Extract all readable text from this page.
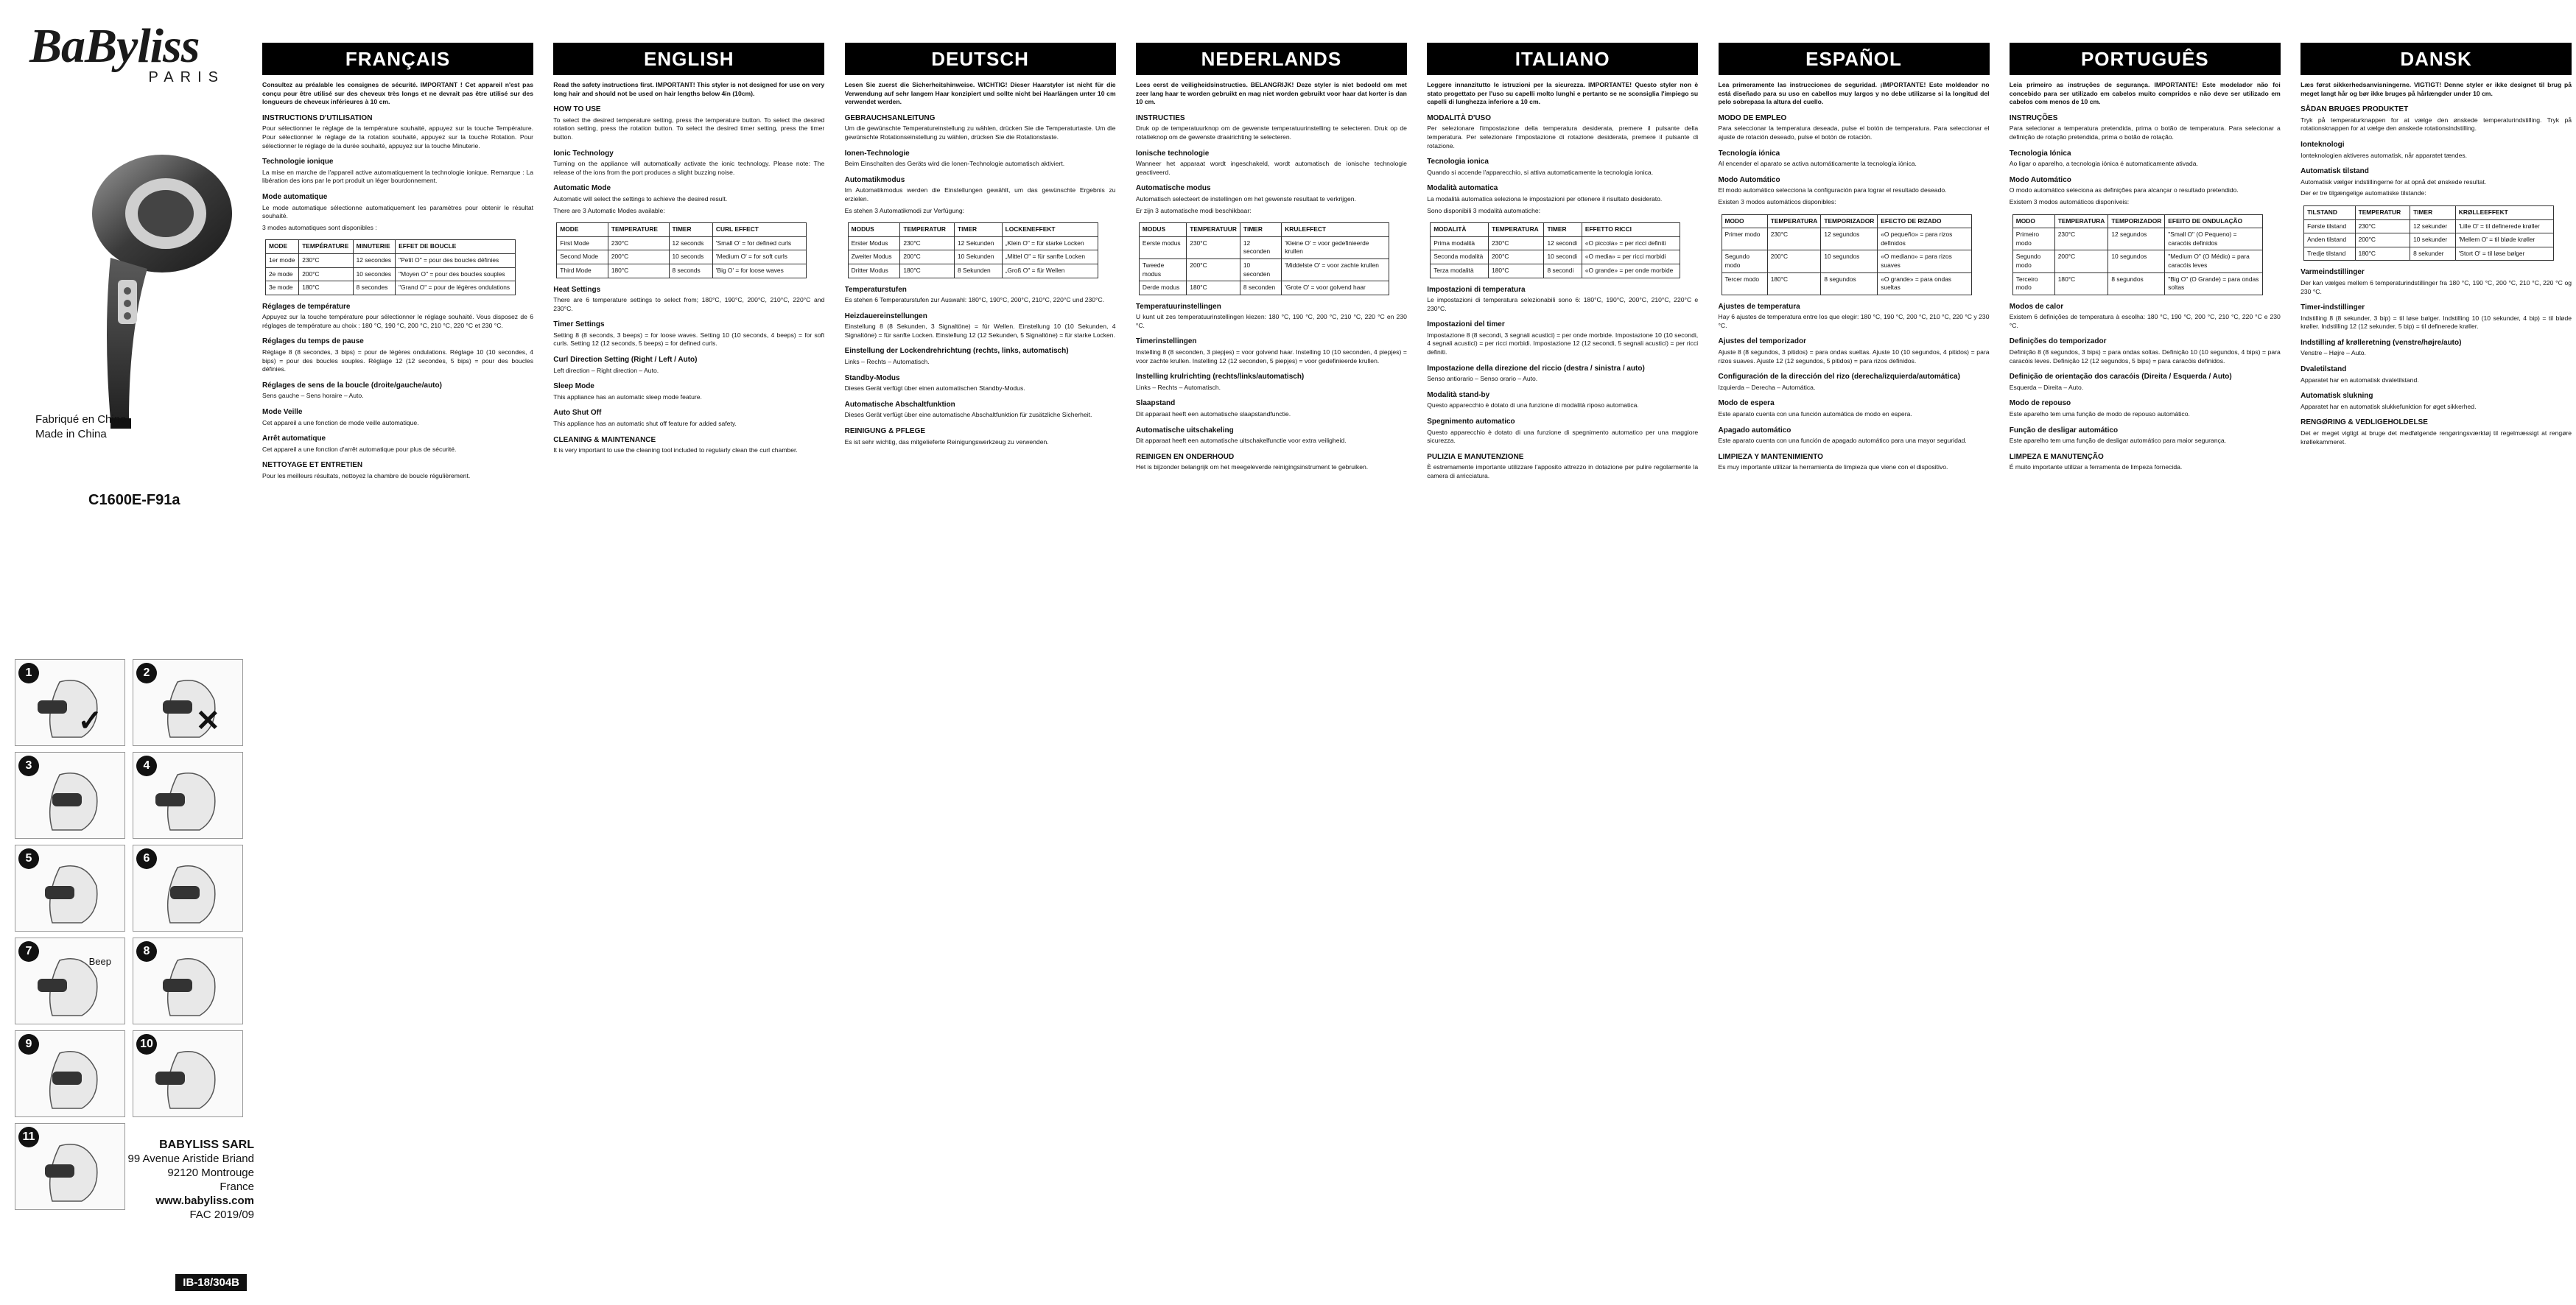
BaByliss
PARIS
Fabriqué en Chine
Made in China
C1600E-F91a
1
✓
2
✕
3	4
5	6
7
Beep
8
9	10
11
BABYLISS SARL
99 Avenue Aristide Briand
92120 Montrouge
France
www.babyliss.com
FAC 2019/09
IB-18/304B
FRANÇAIS
Consultez au préalable les consignes de sécurité. IMPORTANT ! Cet appareil n'est pas conçu pour être utilisé sur des cheveux très longs et ne devrait pas être utilisé sur des longueurs de cheveux inférieures à 10 cm.
INSTRUCTIONS D'UTILISATION
Pour sélectionner le réglage de la température souhaité, appuyez sur la touche Température. Pour sélectionner le réglage de la rotation souhaité, appuyez sur la touche Rotation. Pour sélectionner le réglage de la durée souhaité, appuyez sur la touche Minuterie.
Technologie ionique
La mise en marche de l'appareil active automatiquement la technologie ionique. Remarque : La libération des ions par le port produit un léger bourdonnement.
Mode automatique
Le mode automatique sélectionne automatiquement les paramètres pour obtenir le résultat souhaité.
3 modes automatiques sont disponibles :
MODE	TEMPÉRATURE	MINUTERIE	EFFET DE BOUCLE
1er mode	230°C	12 secondes	"Petit O" = pour des boucles définies
2e mode	200°C	10 secondes	"Moyen O" = pour des boucles souples
3e mode	180°C	8 secondes	"Grand O" = pour de légères ondulations
Réglages de température
Appuyez sur la touche température pour sélectionner le réglage souhaité. Vous disposez de 6 réglages de température au choix : 180 °C, 190 °C, 200 °C, 210 °C, 220 °C et 230 °C.
Réglages du temps de pause
Réglage 8 (8 secondes, 3 bips) = pour de légères ondulations. Réglage 10 (10 secondes, 4 bips) = pour des boucles souples. Réglage 12 (12 secondes, 5 bips) = pour des boucles définies.
Réglages de sens de la boucle (droite/gauche/auto)
Sens gauche – Sens horaire – Auto.
Mode Veille
Cet appareil a une fonction de mode veille automatique.
Arrêt automatique
Cet appareil a une fonction d'arrêt automatique pour plus de sécurité.
NETTOYAGE ET ENTRETIEN
Pour les meilleurs résultats, nettoyez la chambre de boucle régulièrement.
ENGLISH
Read the safety instructions first. IMPORTANT! This styler is not designed for use on very long hair and should not be used on hair lengths below 4in (10cm).
HOW TO USE
To select the desired temperature setting, press the temperature button. To select the desired rotation setting, press the rotation button. To select the desired timer setting, press the timer button.
Ionic Technology
Turning on the appliance will automatically activate the ionic technology. Please note: The release of the ions from the port produces a slight buzzing noise.
Automatic Mode
Automatic will select the settings to achieve the desired result.
There are 3 Automatic Modes available:
MODE	TEMPERATURE	TIMER	CURL EFFECT
First Mode	230°C	12 seconds	'Small O' = for defined curls
Second Mode	200°C	10 seconds	'Medium O' = for soft curls
Third Mode	180°C	8 seconds	'Big O' = for loose waves
Heat Settings
There are 6 temperature settings to select from; 180°C, 190°C, 200°C, 210°C, 220°C and 230°C.
Timer Settings
Setting 8 (8 seconds, 3 beeps) = for loose waves. Setting 10 (10 seconds, 4 beeps) = for soft curls. Setting 12 (12 seconds, 5 beeps) = for defined curls.
Curl Direction Setting (Right / Left / Auto)
Left direction – Right direction – Auto.
Sleep Mode
This appliance has an automatic sleep mode feature.
Auto Shut Off
This appliance has an automatic shut off feature for added safety.
CLEANING & MAINTENANCE
It is very important to use the cleaning tool included to regularly clean the curl chamber.
DEUTSCH
Lesen Sie zuerst die Sicherheitshinweise. WICHTIG! Dieser Haarstyler ist nicht für die Verwendung auf sehr langem Haar konzipiert und sollte nicht bei Haarlängen unter 10 cm verwendet werden.
GEBRAUCHSANLEITUNG
Um die gewünschte Temperatureinstellung zu wählen, drücken Sie die Temperaturtaste. Um die gewünschte Rotationseinstellung zu wählen, drücken Sie die Rotationstaste.
Ionen-Technologie
Beim Einschalten des Geräts wird die Ionen-Technologie automatisch aktiviert.
Automatikmodus
Im Automatikmodus werden die Einstellungen gewählt, um das gewünschte Ergebnis zu erzielen.
Es stehen 3 Automatikmodi zur Verfügung:
MODUS	TEMPERATUR	TIMER	LOCKENEFFEKT
Erster Modus	230°C	12 Sekunden	„Klein O" = für starke Locken
Zweiter Modus	200°C	10 Sekunden	„Mittel O" = für sanfte Locken
Dritter Modus	180°C	8 Sekunden	„Groß O" = für Wellen
Temperaturstufen
Es stehen 6 Temperaturstufen zur Auswahl: 180°C, 190°C, 200°C, 210°C, 220°C und 230°C.
Heizdauereinstellungen
Einstellung 8 (8 Sekunden, 3 Signaltöne) = für Wellen. Einstellung 10 (10 Sekunden, 4 Signaltöne) = für sanfte Locken. Einstellung 12 (12 Sekunden, 5 Signaltöne) = für starke Locken.
Einstellung der Lockendrehrichtung (rechts, links, automatisch)
Links – Rechts – Automatisch.
Standby-Modus
Dieses Gerät verfügt über einen automatischen Standby-Modus.
Automatische Abschaltfunktion
Dieses Gerät verfügt über eine automatische Abschaltfunktion für zusätzliche Sicherheit.
REINIGUNG & PFLEGE
Es ist sehr wichtig, das mitgelieferte Reinigungswerkzeug zu verwenden.
NEDERLANDS
Lees eerst de veiligheidsinstructies. BELANGRIJK! Deze styler is niet bedoeld om met zeer lang haar te worden gebruikt en mag niet worden gebruikt voor haar dat korter is dan 10 cm.
INSTRUCTIES
Druk op de temperatuurknop om de gewenste temperatuurinstelling te selecteren. Druk op de rotatieknop om de gewenste draairichting te selecteren.
Ionische technologie
Wanneer het apparaat wordt ingeschakeld, wordt automatisch de ionische technologie geactiveerd.
Automatische modus
Automatisch selecteert de instellingen om het gewenste resultaat te verkrijgen.
Er zijn 3 automatische modi beschikbaar:
MODUS	TEMPERATUUR	TIMER	KRULEFFECT
Eerste modus	230°C	12 seconden	'Kleine O' = voor gedefinieerde krullen
Tweede modus	200°C	10 seconden	'Middelste O' = voor zachte krullen
Derde modus	180°C	8 seconden	'Grote O' = voor golvend haar
Temperatuurinstellingen
U kunt uit zes temperatuurinstellingen kiezen: 180 °C, 190 °C, 200 °C, 210 °C, 220 °C en 230 °C.
Timerinstellingen
Instelling 8 (8 seconden, 3 piepjes) = voor golvend haar. Instelling 10 (10 seconden, 4 piepjes) = voor zachte krullen. Instelling 12 (12 seconden, 5 piepjes) = voor gedefinieerde krullen.
Instelling krulrichting (rechts/links/automatisch)
Links – Rechts – Automatisch.
Slaapstand
Dit apparaat heeft een automatische slaapstandfunctie.
Automatische uitschakeling
Dit apparaat heeft een automatische uitschakelfunctie voor extra veiligheid.
REINIGEN EN ONDERHOUD
Het is bijzonder belangrijk om het meegeleverde reinigingsinstrument te gebruiken.
ITALIANO
Leggere innanzitutto le istruzioni per la sicurezza. IMPORTANTE! Questo styler non è stato progettato per l'uso su capelli molto lunghi e pertanto se ne sconsiglia l'impiego su capelli di lunghezza inferiore a 10 cm.
MODALITÀ D'USO
Per selezionare l'impostazione della temperatura desiderata, premere il pulsante della temperatura. Per selezionare l'impostazione di rotazione desiderata, premere il pulsante di rotazione.
Tecnologia ionica
Quando si accende l'apparecchio, si attiva automaticamente la tecnologia ionica.
Modalità automatica
La modalità automatica seleziona le impostazioni per ottenere il risultato desiderato.
Sono disponibili 3 modalità automatiche:
MODALITÀ	TEMPERATURA	TIMER	EFFETTO RICCI
Prima modalità	230°C	12 secondi	«O piccola» = per ricci definiti
Seconda modalità	200°C	10 secondi	«O media» = per ricci morbidi
Terza modalità	180°C	8 secondi	«O grande» = per onde morbide
Impostazioni di temperatura
Le impostazioni di temperatura selezionabili sono 6: 180°C, 190°C, 200°C, 210°C, 220°C e 230°C.
Impostazioni del timer
Impostazione 8 (8 secondi, 3 segnali acustici) = per onde morbide. Impostazione 10 (10 secondi, 4 segnali acustici) = per ricci morbidi. Impostazione 12 (12 secondi, 5 segnali acustici) = per ricci definiti.
Impostazione della direzione del riccio (destra / sinistra / auto)
Senso antiorario – Senso orario – Auto.
Modalità stand-by
Questo apparecchio è dotato di una funzione di modalità riposo automatica.
Spegnimento automatico
Questo apparecchio è dotato di una funzione di spegnimento automatico per una maggiore sicurezza.
PULIZIA E MANUTENZIONE
È estremamente importante utilizzare l'apposito attrezzo in dotazione per pulire regolarmente la camera di arricciatura.
ESPAÑOL
Lea primeramente las instrucciones de seguridad. ¡IMPORTANTE! Este moldeador no está diseñado para su uso en cabellos muy largos y no debe utilizarse si la longitud del pelo sobrepasa la altura del cuello.
MODO DE EMPLEO
Para seleccionar la temperatura deseada, pulse el botón de temperatura. Para seleccionar el ajuste de rotación deseado, pulse el botón de rotación.
Tecnología iónica
Al encender el aparato se activa automáticamente la tecnología iónica.
Modo Automático
El modo automático selecciona la configuración para lograr el resultado deseado.
Existen 3 modos automáticos disponibles:
MODO	TEMPERATURA	TEMPORIZADOR	EFECTO DE RIZADO
Primer modo	230°C	12 segundos	«O pequeño» = para rizos definidos
Segundo modo	200°C	10 segundos	«O mediano» = para rizos suaves
Tercer modo	180°C	8 segundos	«O grande» = para ondas sueltas
Ajustes de temperatura
Hay 6 ajustes de temperatura entre los que elegir: 180 °C, 190 °C, 200 °C, 210 °C, 220 °C y 230 °C.
Ajustes del temporizador
Ajuste 8 (8 segundos, 3 pitidos) = para ondas sueltas. Ajuste 10 (10 segundos, 4 pitidos) = para rizos suaves. Ajuste 12 (12 segundos, 5 pitidos) = para rizos definidos.
Configuración de la dirección del rizo (derecha/izquierda/automática)
Izquierda – Derecha – Automática.
Modo de espera
Este aparato cuenta con una función automática de modo en espera.
Apagado automático
Este aparato cuenta con una función de apagado automático para una mayor seguridad.
LIMPIEZA Y MANTENIMIENTO
Es muy importante utilizar la herramienta de limpieza que viene con el dispositivo.
PORTUGUÊS
Leia primeiro as instruções de segurança. IMPORTANTE! Este modelador não foi concebido para ser utilizado em cabelos muito compridos e não deve ser utilizado em cabelos com menos de 10 cm.
INSTRUÇÕES
Para selecionar a temperatura pretendida, prima o botão de temperatura. Para selecionar a definição de rotação pretendida, prima o botão de rotação.
Tecnologia Iónica
Ao ligar o aparelho, a tecnologia iónica é automaticamente ativada.
Modo Automático
O modo automático seleciona as definições para alcançar o resultado pretendido.
Existem 3 modos automáticos disponíveis:
MODO	TEMPERATURA	TEMPORIZADOR	EFEITO DE ONDULAÇÃO
Primeiro modo	230°C	12 segundos	"Small O" (O Pequeno) = caracóis definidos
Segundo modo	200°C	10 segundos	"Medium O" (O Médio) = para caracóis leves
Terceiro modo	180°C	8 segundos	"Big O" (O Grande) = para ondas soltas
Modos de calor
Existem 6 definições de temperatura à escolha: 180 °C, 190 °C, 200 °C, 210 °C, 220 °C e 230 °C.
Definições do temporizador
Definição 8 (8 segundos, 3 bips) = para ondas soltas. Definição 10 (10 segundos, 4 bips) = para caracóis leves. Definição 12 (12 segundos, 5 bips) = para caracóis definidos.
Definição de orientação dos caracóis (Direita / Esquerda / Auto)
Esquerda – Direita – Auto.
Modo de repouso
Este aparelho tem uma função de modo de repouso automático.
Função de desligar automático
Este aparelho tem uma função de desligar automático para maior segurança.
LIMPEZA E MANUTENÇÃO
É muito importante utilizar a ferramenta de limpeza fornecida.
DANSK
Læs først sikkerhedsanvisningerne. VIGTIGT! Denne styler er ikke designet til brug på meget langt hår og bør ikke bruges på hårlængder under 10 cm.
SÅDAN BRUGES PRODUKTET
Tryk på temperaturknappen for at vælge den ønskede temperaturindstilling. Tryk på rotationsknappen for at vælge den ønskede rotationsindstilling.
Ionteknologi
Ionteknologien aktiveres automatisk, når apparatet tændes.
Automatisk tilstand
Automatisk vælger indstillingerne for at opnå det ønskede resultat.
Der er tre tilgængelige automatiske tilstande:
TILSTAND	TEMPERATUR	TIMER	KRØLLEEFFEKT
Første tilstand	230°C	12 sekunder	'Lille O' = til definerede krøller
Anden tilstand	200°C	10 sekunder	'Mellem O' = til bløde krøller
Tredje tilstand	180°C	8 sekunder	'Stort O' = til løse bølger
Varmeindstillinger
Der kan vælges mellem 6 temperaturindstillinger fra 180 °C, 190 °C, 200 °C, 210 °C, 220 °C og 230 °C.
Timer-indstillinger
Indstilling 8 (8 sekunder, 3 bip) = til løse bølger. Indstilling 10 (10 sekunder, 4 bip) = til bløde krøller. Indstilling 12 (12 sekunder, 5 bip) = til definerede krøller.
Indstilling af krølleretning (venstre/højre/auto)
Venstre – Højre – Auto.
Dvaletilstand
Apparatet har en automatisk dvaletilstand.
Automatisk slukning
Apparatet har en automatisk slukkefunktion for øget sikkerhed.
RENGØRING & VEDLIGEHOLDELSE
Det er meget vigtigt at bruge det medfølgende rengøringsværktøj til regelmæssigt at rengøre krøllekammeret.
